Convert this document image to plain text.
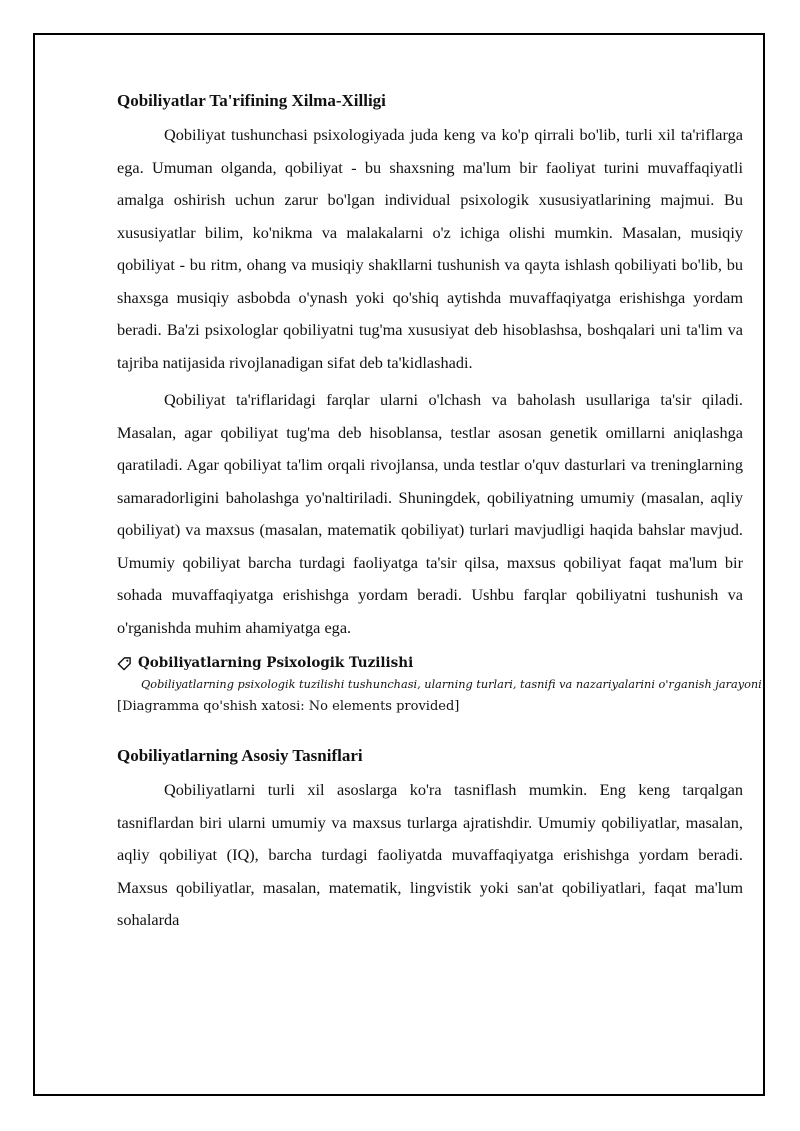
Qobiliyatlar Ta'rifining Xilma-Xilligi

Qobiliyat tushunchasi psixologiyada juda keng va ko'p qirrali bo'lib, turli xil ta'riflarga ega. Umuman olganda, qobiliyat - bu shaxsning ma'lum bir faoliyat turini muvaffaqiyatli amalga oshirish uchun zarur bo'lgan individual psixologik xususiyatlarining majmui. Bu xususiyatlar bilim, ko'nikma va malakalarni o'z ichiga olishi mumkin. Masalan, musiqiy qobiliyat - bu ritm, ohang va musiqiy shakllarni tushunish va qayta ishlash qobiliyati bo'lib, bu shaxsga musiqiy asbobda o'ynash yoki qo'shiq aytishda muvaffaqiyatga erishishga yordam beradi. Ba'zi psixologlar qobiliyatni tug'ma xususiyat deb hisoblashsa, boshqalari uni ta'lim va tajriba natijasida rivojlanadigan sifat deb ta'kidlashadi.

Qobiliyat ta'riflaridagi farqlar ularni o'lchash va baholash usullariga ta'sir qiladi. Masalan, agar qobiliyat tug'ma deb hisoblansa, testlar asosan genetik omillarni aniqlashga qaratiladi. Agar qobiliyat ta'lim orqali rivojlansa, unda testlar o'quv dasturlari va treninglarning samaradorligini baholashga yo'naltiriladi. Shuningdek, qobiliyatning umumiy (masalan, aqliy qobiliyat) va maxsus (masalan, matematik qobiliyat) turlari mavjudligi haqida bahslar mavjud. Umumiy qobiliyat barcha turdagi faoliyatga ta'sir qilsa, maxsus qobiliyat faqat ma'lum bir sohada muvaffaqiyatga erishishga yordam beradi. Ushbu farqlar qobiliyatni tushunish va o'rganishda muhim ahamiyatga ega.

Qobiliyatlarning Psixologik Tuzilishi
Qobiliyatlarning psixologik tuzilishi tushunchasi, ularning turlari, tasnifi va nazariyalarini o'rganish jarayoni.
[Diagramma qo'shish xatosi: No elements provided]
Qobiliyatlarning Asosiy Tasniflari

Qobiliyatlarni turli xil asoslarga ko'ra tasniflash mumkin. Eng keng tarqalgan tasniflardan biri ularni umumiy va maxsus turlarga ajratishdir. Umumiy qobiliyatlar, masalan, aqliy qobiliyat (IQ), barcha turdagi faoliyatda muvaffaqiyatga erishishga yordam beradi. Maxsus qobiliyatlar, masalan, matematik, lingvistik yoki san'at qobiliyatlari, faqat ma'lum sohalarda
